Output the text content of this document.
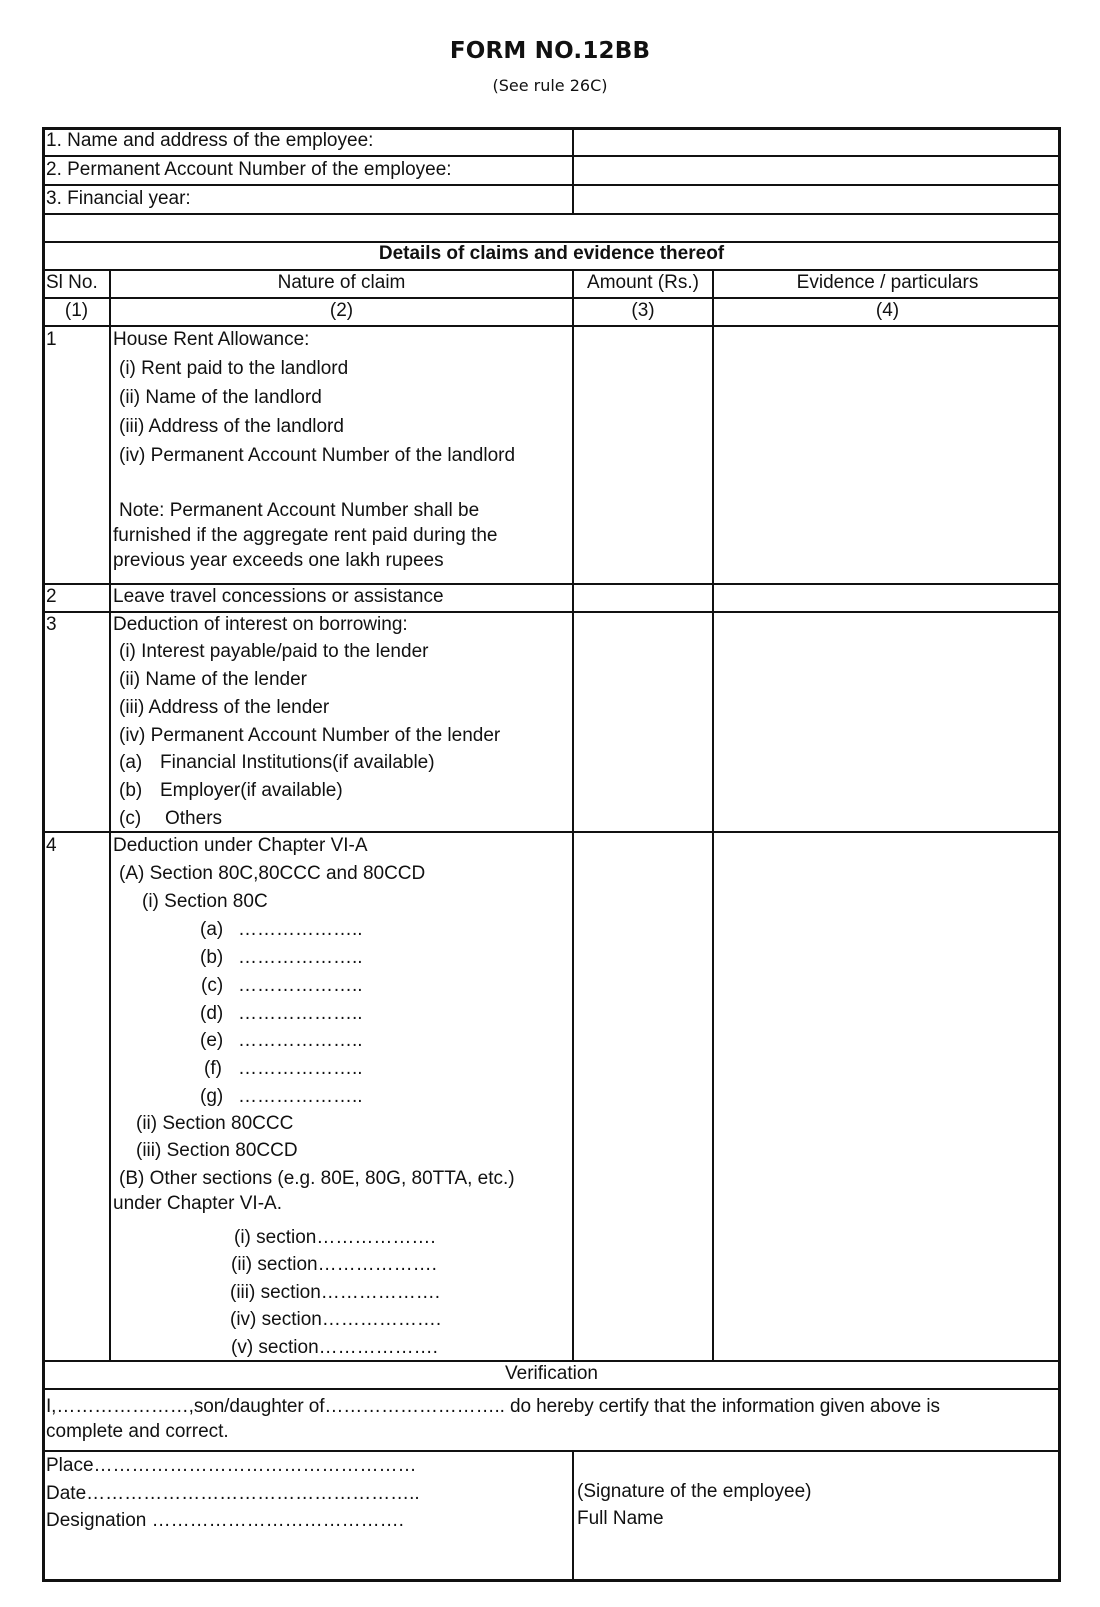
FORM NO.12BB
(See rule 26C)
1. Name and address of the employee:
2. Permanent Account Number of the employee:
3. Financial year:
Details of claims and evidence thereof
Sl No.	Nature of claim	Amount (Rs.)	Evidence / particulars
(1)	(2)	(3)	(4)
1	House Rent Allowance:
(i) Rent paid to the landlord
(ii) Name of the landlord
(iii) Address of the landlord
(iv) Permanent Account Number of the landlord
Note: Permanent Account Number shall be
furnished if the aggregate rent paid during the
previous year exceeds one lakh rupees
2	Leave travel concessions or assistance
3	Deduction of interest on borrowing:
(i) Interest payable/paid to the lender
(ii) Name of the lender
(iii) Address of the lender
(iv) Permanent Account Number of the lender
(a) Financial Institutions(if available)
(b) Employer(if available)
(c) Others
4	Deduction under Chapter VI-A
(A) Section 80C,80CCC and 80CCD
(i) Section 80C
(a) ………………..
(b) ………………..
(c) ………………..
(d) ………………..
(e) ………………..
(f) ………………..
(g) ………………..
(ii) Section 80CCC
(iii) Section 80CCD
(B) Other sections (e.g. 80E, 80G, 80TTA, etc.)
under Chapter VI-A.
(i) section……………….
(ii) section……………….
(iii) section……………….
(iv) section……………….
(v) section……………….
Verification
I,…………………,son/daughter of……………………….. do hereby certify that the information given above is
complete and correct.
Place……………………………………………
Date……………………………………………..
Designation ………………………………….
(Signature of the employee)
Full Name
